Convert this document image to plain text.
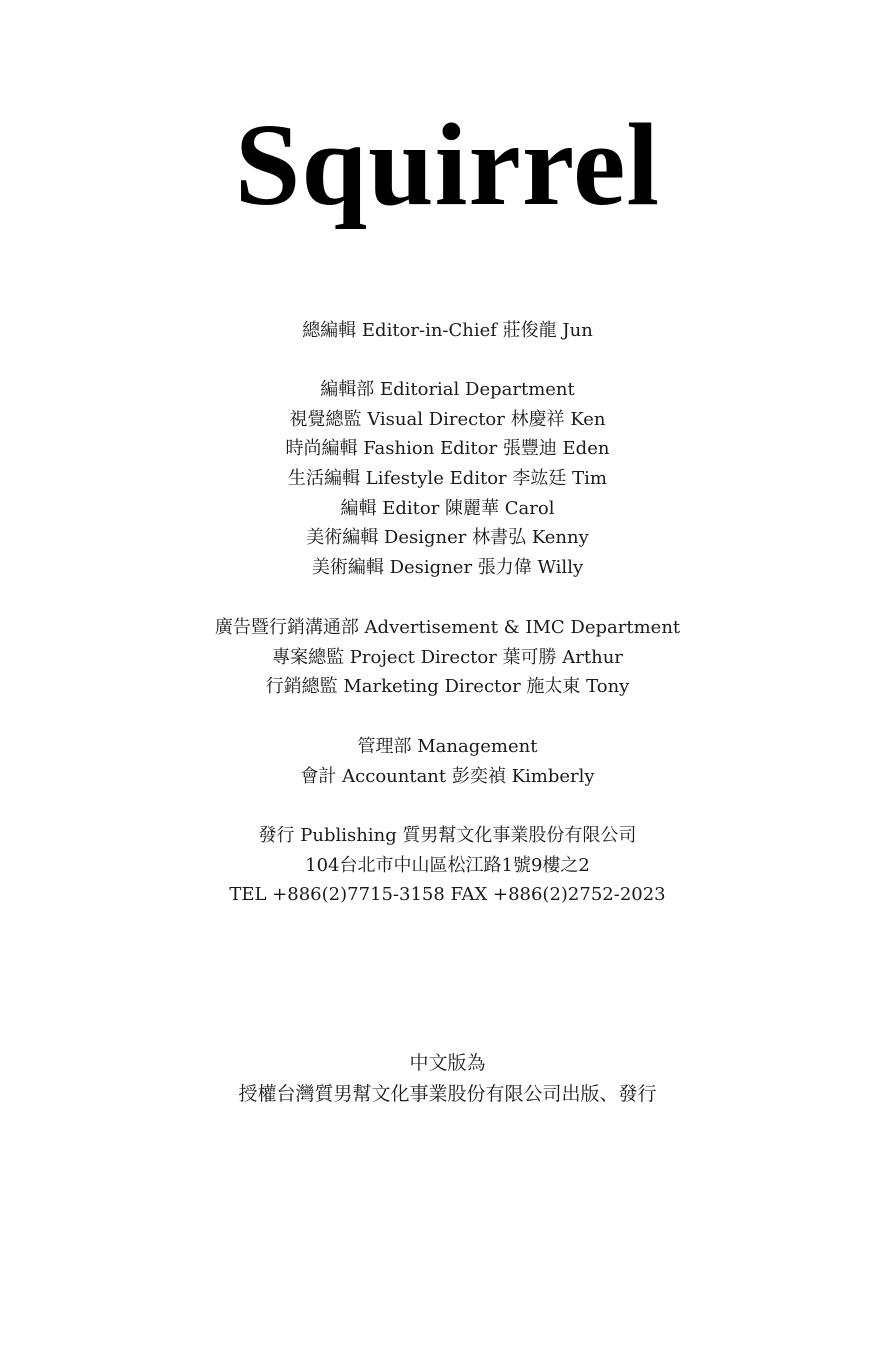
Squirrel
總編輯 Editor-in-Chief 莊俊龍 Jun
編輯部 Editorial Department
視覺總監 Visual Director 林慶祥 Ken
時尚編輯 Fashion Editor 張豐迪 Eden
生活編輯 Lifestyle Editor 李竑廷 Tim
編輯 Editor 陳麗華 Carol
美術編輯 Designer 林書弘 Kenny
美術編輯 Designer 張力偉 Willy
廣告暨行銷溝通部 Advertisement & IMC Department
專案總監 Project Director 葉可勝 Arthur
行銷總監 Marketing Director 施太東 Tony
管理部 Management
會計 Accountant 彭奕禎 Kimberly
發行 Publishing 質男幫文化事業股份有限公司
104台北市中山區松江路1號9樓之2
TEL +886(2)7715-3158 FAX +886(2)2752-2023
中文版為
授權台灣質男幫文化事業股份有限公司出版、發行
